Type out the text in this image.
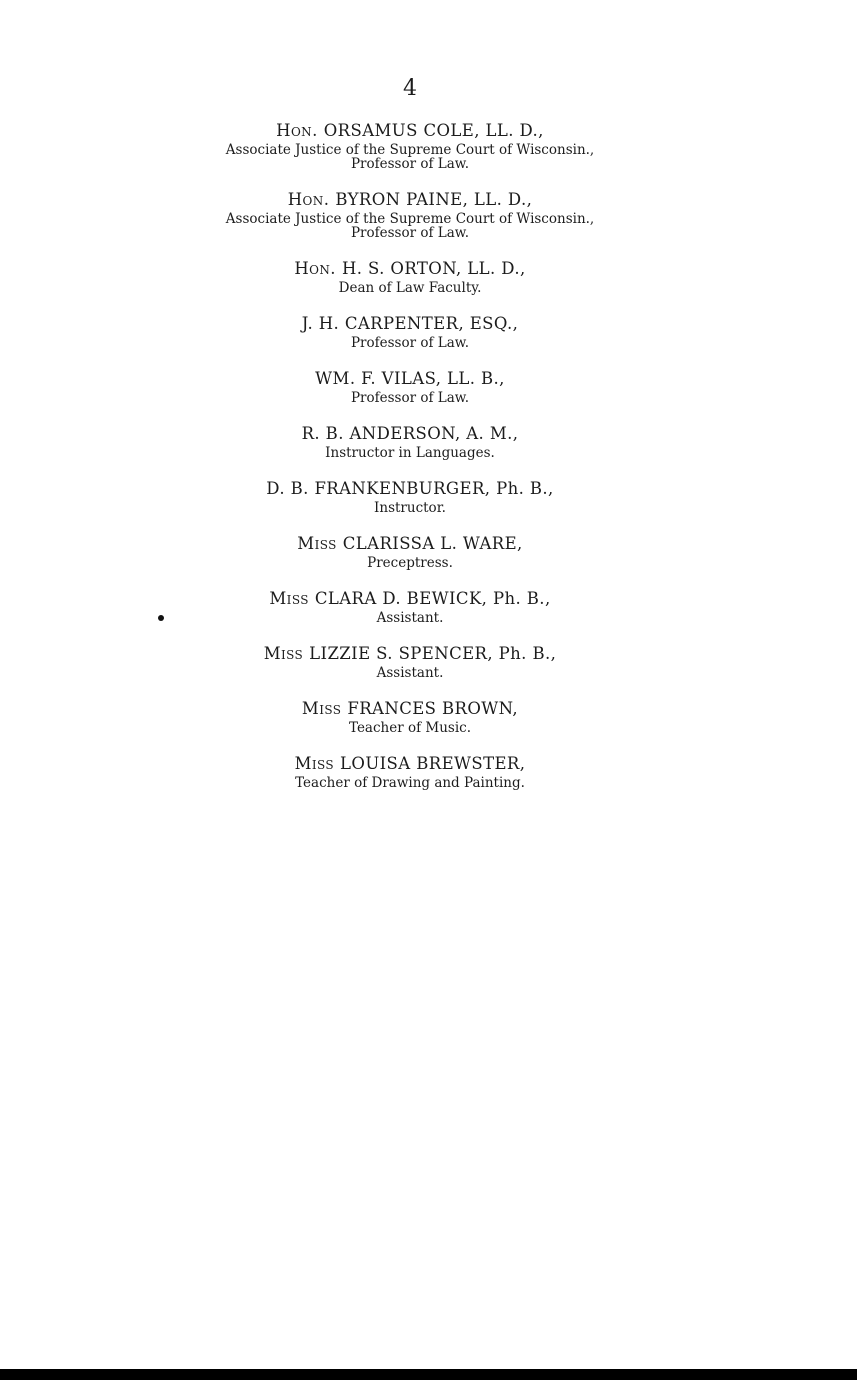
4
Hon. ORSAMUS COLE, LL. D.,
Associate Justice of the Supreme Court of Wisconsin.,
Professor of Law.
Hon. BYRON PAINE, LL. D.,
Associate Justice of the Supreme Court of Wisconsin.,
Professor of Law.
Hon. H. S. ORTON, LL. D.,
Dean of Law Faculty.
J. H. CARPENTER, ESQ.,
Professor of Law.
WM. F. VILAS, LL. B.,
Professor of Law.
R. B. ANDERSON, A. M.,
Instructor in Languages.
D. B. FRANKENBURGER, Ph. B.,
Instructor.
Miss CLARISSA L. WARE,
Preceptress.
Miss CLARA D. BEWICK, Ph. B.,
Assistant.
Miss LIZZIE S. SPENCER, Ph. B.,
Assistant.
Miss FRANCES BROWN,
Teacher of Music.
Miss LOUISA BREWSTER,
Teacher of Drawing and Painting.
